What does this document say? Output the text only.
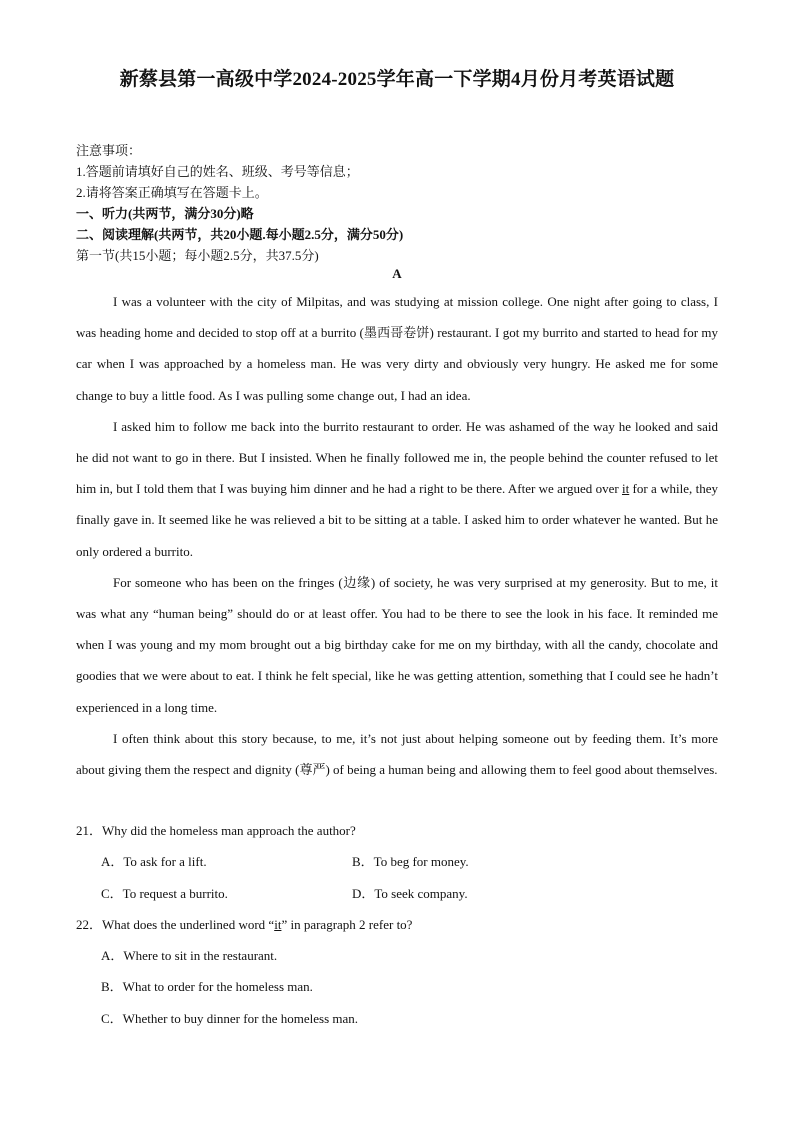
新蔡县第一高级中学2024-2025学年高一下学期4月份月考英语试题
注意事项：
1.答题前请填好自己的姓名、班级、考号等信息；
2.请将答案正确填写在答题卡上。
一、听力(共两节，满分30分)略
二、阅读理解(共两节，共20小题.每小题2.5分，满分50分)
第一节(共15小题；每小题2.5分，共37.5分)
A

I was a volunteer with the city of Milpitas, and was studying at mission college. One night after going to class, I was heading home and decided to stop off at a burrito (墨西哥卷饼) restaurant. I got my burrito and started to head for my car when I was approached by a homeless man. He was very dirty and obviously very hungry. He asked me for some change to buy a little food. As I was pulling some change out, I had an idea.

I asked him to follow me back into the burrito restaurant to order. He was ashamed of the way he looked and said he did not want to go in there. But I insisted. When he finally followed me in, the people behind the counter refused to let him in, but I told them that I was buying him dinner and he had a right to be there. After we argued over it for a while, they finally gave in. It seemed like he was relieved a bit to be sitting at a table. I asked him to order whatever he wanted. But he only ordered a burrito.

For someone who has been on the fringes (边缘) of society, he was very surprised at my generosity. But to me, it was what any “human being” should do or at least offer. You had to be there to see the look in his face. It reminded me when I was young and my mom brought out a big birthday cake for me on my birthday, with all the candy, chocolate and goodies that we were about to eat. I think he felt special, like he was getting attention, something that I could see he hadn’t experienced in a long time.

I often think about this story because, to me, it’s not just about helping someone out by feeding them. It’s more about giving them the respect and dignity (尊严) of being a human being and allowing them to feel good about themselves.

21．Why did the homeless man approach the author?
A．To ask for a lift.	B．To beg for money.
C．To request a burrito.	D．To seek company.
22．What does the underlined word “it” in paragraph 2 refer to?
A．Where to sit in the restaurant.
B．What to order for the homeless man.
C．Whether to buy dinner for the homeless man.
